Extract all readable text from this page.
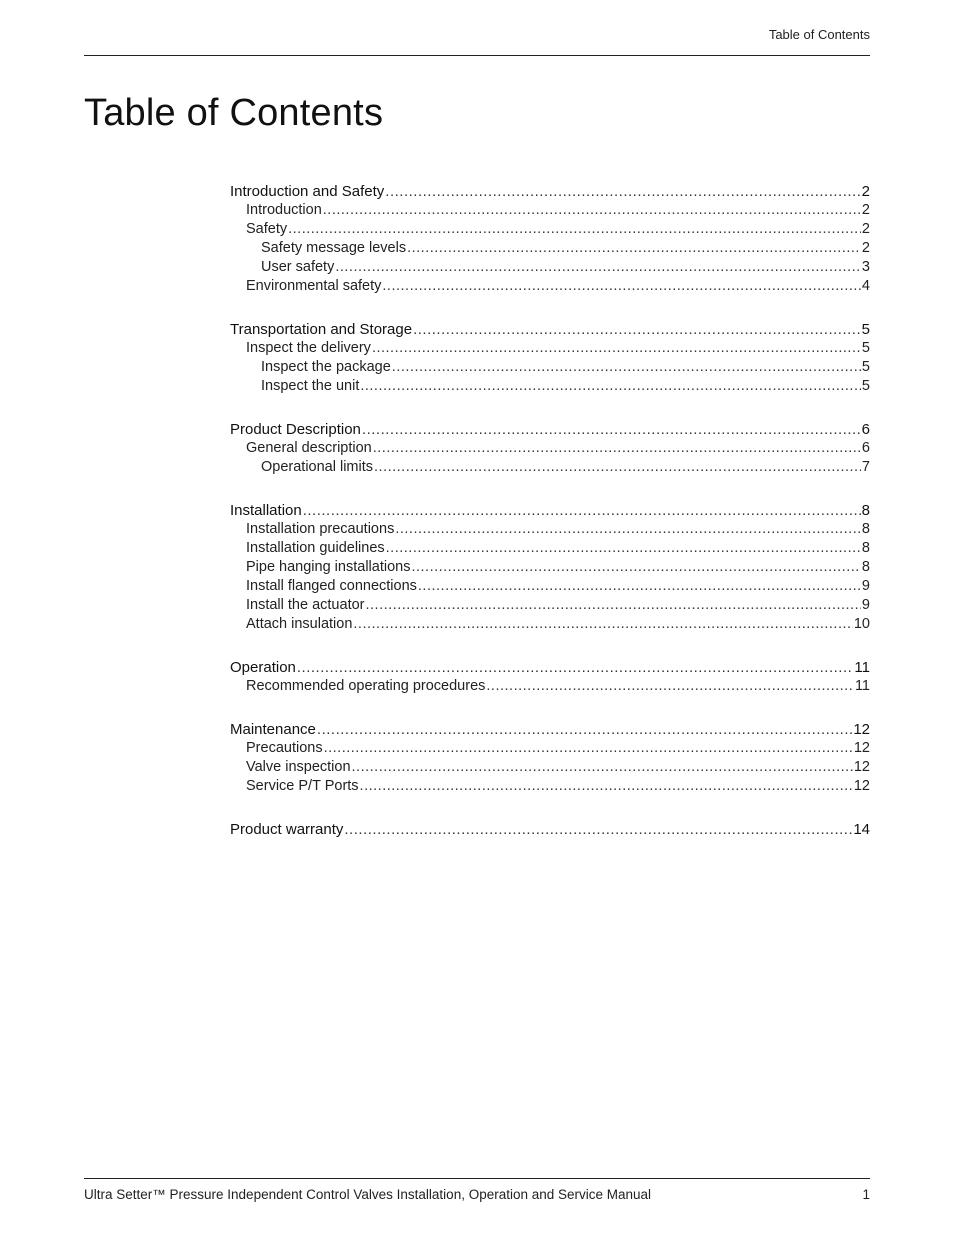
Table of Contents
Table of Contents
Introduction and Safety .....	2
Introduction .....	2
Safety .....	2
Safety message levels .....	2
User safety .....	3
Environmental safety .....	4
Transportation and Storage .....	5
Inspect the delivery .....	5
Inspect the package .....	5
Inspect the unit .....	5
Product Description .....	6
General description .....	6
Operational limits .....	7
Installation .....	8
Installation precautions .....	8
Installation guidelines .....	8
Pipe hanging installations .....	8
Install flanged connections .....	9
Install the actuator .....	9
Attach insulation .....	10
Operation .....	11
Recommended operating procedures .....	11
Maintenance .....	12
Precautions .....	12
Valve inspection .....	12
Service P/T Ports .....	12
Product warranty .....	14
Ultra Setter™ Pressure Independent Control Valves Installation, Operation and Service Manual	1
